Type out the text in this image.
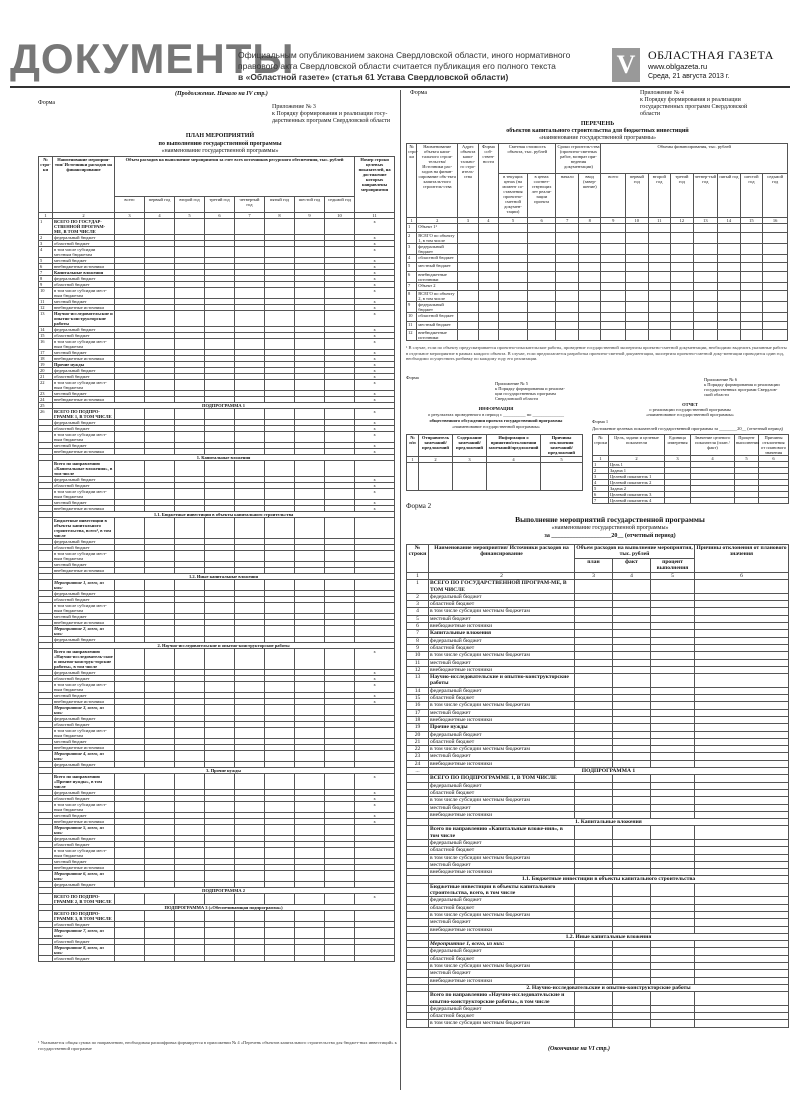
ДОКУМЕНТЫ
Официальным опубликованием закона Свердловской области, иного нормативного
правового акта Свердловской области считается публикация его полного текста
в «Областной газете» (статья 61 Устава Свердловской области)	V	ОБЛАСТНАЯ ГАЗЕТА
www.oblgazeta.ru
Среда, 21 августа 2013 г.
(Продолжение. Начало на IV стр.)
Форма
Приложение № 3
к Порядку формирования и реализации госу-
дарственных программ Свердловской области
ПЛАН МЕРОПРИЯТИЙ
по выполнению государственной программы
«наименование государственной программы»
№ стро-ки	Наименование мероприя-тия/ Источники расходов на финансирование	Объем расходов на выполнение мероприятия за счет всех источников ресурсного обеспечения, тыс. рублей								Номер строки целевых показателей, на достижение которых направлены мероприятия
		всего	первый год	второй год	третий год	четвертый год	пятый год	шестой год	седьмой год	
1	2	3	4	5	6	7	8	9	10	11
1	ВСЕГО ПО ГОСУДАР-СТВЕННОЙ ПРОГРАМ-МЕ, В ТОМ ЧИСЛЕ									x
2	федеральный бюджет									x
3	областной бюджет									x
4	в том числе субсидии местным бюджетам									x
5	местный бюджет									x
6	внебюджетные источники									x
7	Капитальные вложения									x
8	федеральный бюджет									x
9	областной бюджет									x
10	в том числе субсидии мест-ным бюджетам									x
11	местный бюджет									x
12	внебюджетные источники									x
13	Научно-исследовательские и опытно-конструкторские работы									x
14	федеральный бюджет									x
15	областной бюджет									x
16	в том числе субсидии мест-ным бюджетам									x
17	местный бюджет									x
18	внебюджетные источники									x
19	Прочие нужды									x
20	федеральный бюджет									x
21	областной бюджет									x
22	в том числе субсидии мест-ным бюджетам									x
23	местный бюджет									x
24	внебюджетные источники									x
25	ПОДПРОГРАММА 1									
26	ВСЕГО ПО ПОДПРО-ГРАММЕ 1, В ТОМ ЧИСЛЕ									x
	федеральный бюджет									x
	областной бюджет									x
	в том числе субсидии мест-ным бюджетам									x
	местный бюджет									x
	внебюджетные источники									x
	1. Капитальные вложения									
	Всего по направлению «Капитальные вложения», в том числе									
	федеральный бюджет									x
	областной бюджет									x
	в том числе субсидии мест-ным бюджетам									x
	местный бюджет									x
	внебюджетные источники									x
	1.1. Бюджетные инвестиции в объекты капитального строительства									
	Бюджетные инвестиции в объекты капитального строительства, всего¹, в том числе									
	федеральный бюджет									
	областной бюджет									
	в том числе субсидии мест-ным бюджетам									
	местный бюджет									
	внебюджетные источники									
	1.2. Иные капитальные вложения									
	Мероприятие 1, всего, из них:									
	федеральный бюджет									
	областной бюджет									
	в том числе субсидии мест-ным бюджетам									
	местный бюджет									
	внебюджетные источники									
	Мероприятие 2, всего, из них:									
	федеральный бюджет									
	2. Научно-исследовательские и опытно-конструкторские работы									
	Всего по направлению «Научно-исследователь-ские и опытно-конструк-торские работы», в том числе									x
	федеральный бюджет									x
	областной бюджет									x
	в том числе субсидии мест-ным бюджетам									x
	местный бюджет									x
	внебюджетные источники									x
	Мероприятие 3, всего, из них:									
	федеральный бюджет									
	областной бюджет									
	в том числе субсидии мест-ным бюджетам									
	местный бюджет									
	внебюджетные источники									
	Мероприятие 4, всего, из них:									
	федеральный бюджет									
	3. Прочие нужды									
	Всего по направлению «Прочие нужды», в том числе									x
	федеральный бюджет									x
	областной бюджет									x
	в том числе субсидии мест-ным бюджетам									x
	местный бюджет									x
	внебюджетные источники									x
	Мероприятие 5, всего, из них:									
	федеральный бюджет									
	областной бюджет									
	в том числе субсидии мест-ным бюджетам									
	местный бюджет									
	внебюджетные источники									
	Мероприятие 6, всего, из них:									
	федеральный бюджет									
	ПОДПРОГРАММА 2									
	ВСЕГО ПО ПОДПРО-ГРАММЕ 2, В ТОМ ЧИСЛЕ									x
	ПОДПРОГРАММА 3 («Обеспечивающая подпрограмма»)									
	ВСЕГО ПО ПОДПРО-ГРАММЕ 3, В ТОМ ЧИСЛЕ									
	областной бюджет									
	Мероприятие 7, всего, из них:									
	областной бюджет									
	Мероприятие 8, всего, из них:									
	областной бюджет									
¹ Указывается общая сумма по направлению, необходимая расшифровка формируется в приложении № 4 «Перечень объектов капитального строительства для бюджет-ных инвестиций» к государственной программе
Форма	Приложение № 4
к Порядку формирования и реализации
государственных программ Свердловской
области
ПЕРЕЧЕНЬ
объектов капитального строительства для бюджетных инвестиций
«наименование государственной программы»
№ стро-ки	Наименование объекта капи-тального строи-тельства/ Источники рас-ходов на финан-сирование объ-екта капиталь-ного строитель-ства	Адрес объекта капи-тально-го стро-итель-ства	Форма соб-ствен-ности	Сметная стоимость объекта, тыс. рублей		Сроки строитель-ства (проектно-сметных работ, возврат при-ведения документации)		Объемы финансирования, тыс. рублей							
				в текущих ценах (на момент со-ставления проектно-сметной докумен-тации)	в ценах соответ-ствующих лет реали-зации проекта	начало	ввод (завер-шение)	всего	первый год	второй год	третий год	четвер-тый год	пятый год	шестой год	седьмой год
1	2	3	4	5	6	7	8	9	10	11	12	13	14	15	16
1	Объект 1¹														
2	ВСЕГО по объекту 1, в том числе														
3	федеральный бюджет														
4	областной бюджет														
5	местный бюджет														
6	внебюджетные источники														
7	Объект 2														
8	ВСЕГО по объекту 2, в том числе														
9	федеральный бюджет														
10	областной бюджет														
11	местный бюджет														
12	внебюджетные источники														
¹ В случае, если по объекту предусматривается проектно-изыскательские работы, проведение государственной экспертизы проектно-сметной документации, необходимо выделить указанные работы в отдельное мероприятие в рамках каждого объекта. В случае, если предполагается разработка проектно-сметной документации, экспертиза проектно-сметной доку-ментации проводится один год, необходимо осуществить разбивку по каждому году его реализации.
Форма
Приложение № 5
к Порядку формирования и реализа-
ции государственных программ
Свердловской области
ИНФОРМАЦИЯ
о результатах проведенного в период с __________ по ______________
общественного обсуждения проекта государственной программы
«наименование государственной программы»
№ п/п	Отправитель замечаний/ предложений	Содержание замечаний/ предложений	Информация о принятии/отклонении замечаний/предложений	Причины отклонения замечаний/ предложений
1	2	3	4	5

Приложение № 6
к Порядку формирования и реализации
государственных программ Свердлов-
ской области
ОТЧЕТ
о реализации государственной программы
«наименование государственной программы»
Форма 1
Достижение целевых показателей государственной программы за ________20__ (отчетный период)
№ строки	Цель, задачи и целевые показатели	Единица измерения	Значение целевого показателя (план / факт)	Процент выполнения	Причины отклонения от планового значения
1	2	3	4	5	6
1	Цель 1				
2	Задача 1				
3	Целевой показатель 1				
4	Целевой показатель 2				
5	Задача 2				
6	Целевой показатель 3				
7	Целевой показатель 4				
Форма 2
Выполнение мероприятий государственной программы
«наименование государственной программы»
за ____________________20__ (отчетный период)
№ строки	Наименование мероприятия/ Источники расходов на финансирование	Объем расходов на выполнение мероприятия, тыс. рублей			Причины отклонения от планового значения
		план	факт	процент выполнения	
1	2	3	4	5	6
1	ВСЕГО ПО ГОСУДАРСТВЕННОЙ ПРОГРАМ-МЕ, В ТОМ ЧИСЛЕ				
2	федеральный бюджет				
3	областной бюджет				
4	в том числе субсидии местным бюджетам				
5	местный бюджет				
6	внебюджетные источники				
7	Капитальные вложения				
8	федеральный бюджет				
9	областной бюджет				
10	в том числе субсидии местным бюджетам				
11	местный бюджет				
12	внебюджетные источники				
13	Научно-исследовательские и опытно-конструкторские работы				
14	федеральный бюджет				
15	областной бюджет				
16	в том числе субсидии местным бюджетам				
17	местный бюджет				
18	внебюджетные источники				
19	Прочие нужды				
20	федеральный бюджет				
21	областной бюджет				
22	в том числе субсидии местным бюджетам				
23	местный бюджет				
24	внебюджетные источники				
...	ПОДПРОГРАММА 1				
	ВСЕГО ПО ПОДПРОГРАММЕ 1, В ТОМ ЧИСЛЕ				
	федеральный бюджет				
	областной бюджет				
	в том числе субсидии местным бюджетам				
	местный бюджет				
	внебюджетные источники				
	1. Капитальные вложения				
	Всего по направлению «Капитальные вложе-ния», в том числе				
	федеральный бюджет				
	областной бюджет				
	в том числе субсидии местным бюджетам				
	местный бюджет				
	внебюджетные источники				
	1.1. Бюджетные инвестиции в объекты капитального строительства				
	Бюджетные инвестиции в объекты капитального строительства, всего, в том числе				
	федеральный бюджет				
	областной бюджет				
	в том числе субсидии местным бюджетам				
	местный бюджет				
	внебюджетные источники				
	1.2. Иные капитальные вложения				
	Мероприятие 1, всего, из них:				
	федеральный бюджет				
	областной бюджет				
	в том числе субсидии местным бюджетам				
	местный бюджет				
	внебюджетные источники				
	2. Научно-исследовательские и опытно-конструкторские работы				
	Всего по направлению «Научно-исследовательские и опытно-конструкторские работы», в том числе				
	федеральный бюджет				
	областной бюджет				
	в том числе субсидии местным бюджетам				
(Окончание на VI стр.)
